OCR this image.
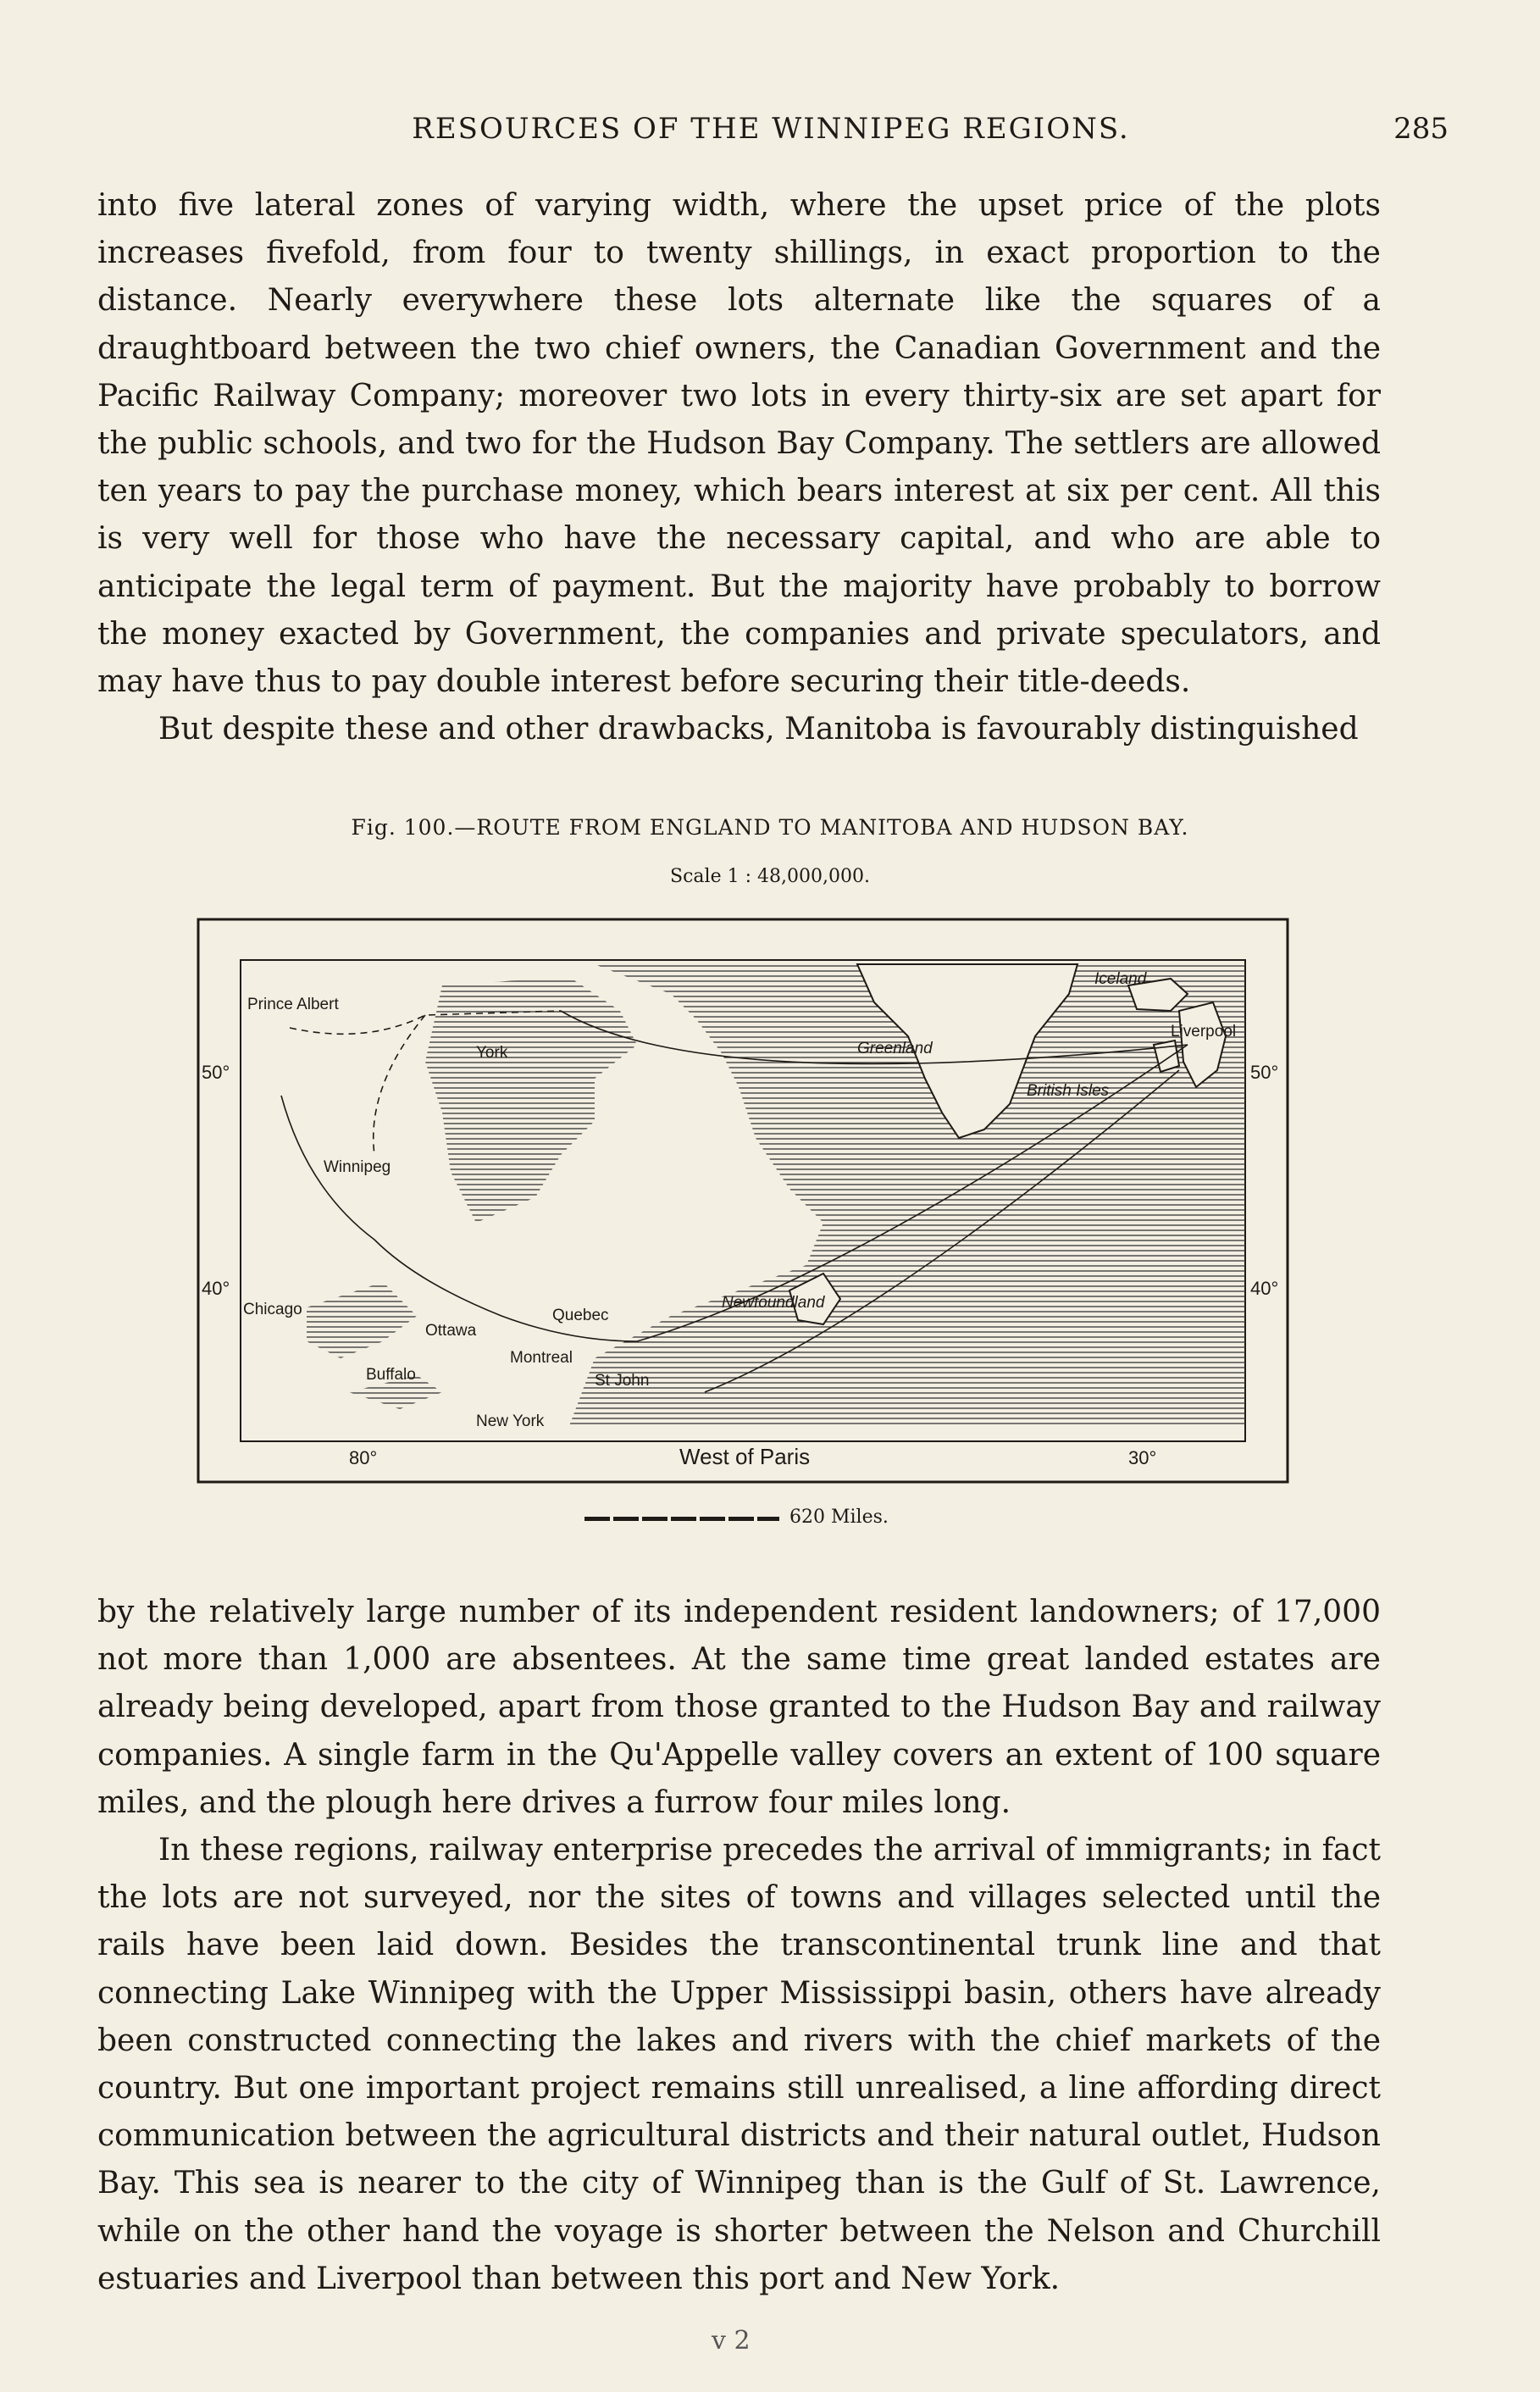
RESOURCES OF THE WINNIPEG REGIONS.	285

into five lateral zones of varying width, where the upset price of the plots increases fivefold, from four to twenty shillings, in exact proportion to the distance. Nearly everywhere these lots alternate like the squares of a draughtboard between the two chief owners, the Canadian Government and the Pacific Railway Company; moreover two lots in every thirty-six are set apart for the public schools, and two for the Hudson Bay Company. The settlers are allowed ten years to pay the purchase money, which bears interest at six per cent. All this is very well for those who have the necessary capital, and who are able to anticipate the legal term of payment. But the majority have probably to borrow the money exacted by Government, the companies and private speculators, and may have thus to pay double interest before securing their title-deeds.

But despite these and other drawbacks, Manitoba is favourably distinguished

Fig. 100.—ROUTE FROM ENGLAND TO MANITOBA AND HUDSON BAY.
Scale 1 : 48,000,000.
Prince Albert
York
Winnipeg
Chicago
Ottawa
Quebec
Montreal
Buffalo	St John
New York
Greenland
Iceland
British Isles
Liverpool
Newfoundland
50°	50°
40°	40°
80°	West of Paris	30°
620 Miles.

by the relatively large number of its independent resident landowners; of 17,000 not more than 1,000 are absentees. At the same time great landed estates are already being developed, apart from those granted to the Hudson Bay and railway companies. A single farm in the Qu'Appelle valley covers an extent of 100 square miles, and the plough here drives a furrow four miles long.

In these regions, railway enterprise precedes the arrival of immigrants; in fact the lots are not surveyed, nor the sites of towns and villages selected until the rails have been laid down. Besides the transcontinental trunk line and that connecting Lake Winnipeg with the Upper Mississippi basin, others have already been constructed connecting the lakes and rivers with the chief markets of the country. But one important project remains still unrealised, a line affording direct communication between the agricultural districts and their natural outlet, Hudson Bay. This sea is nearer to the city of Winnipeg than is the Gulf of St. Lawrence, while on the other hand the voyage is shorter between the Nelson and Churchill estuaries and Liverpool than between this port and New York.

v 2
